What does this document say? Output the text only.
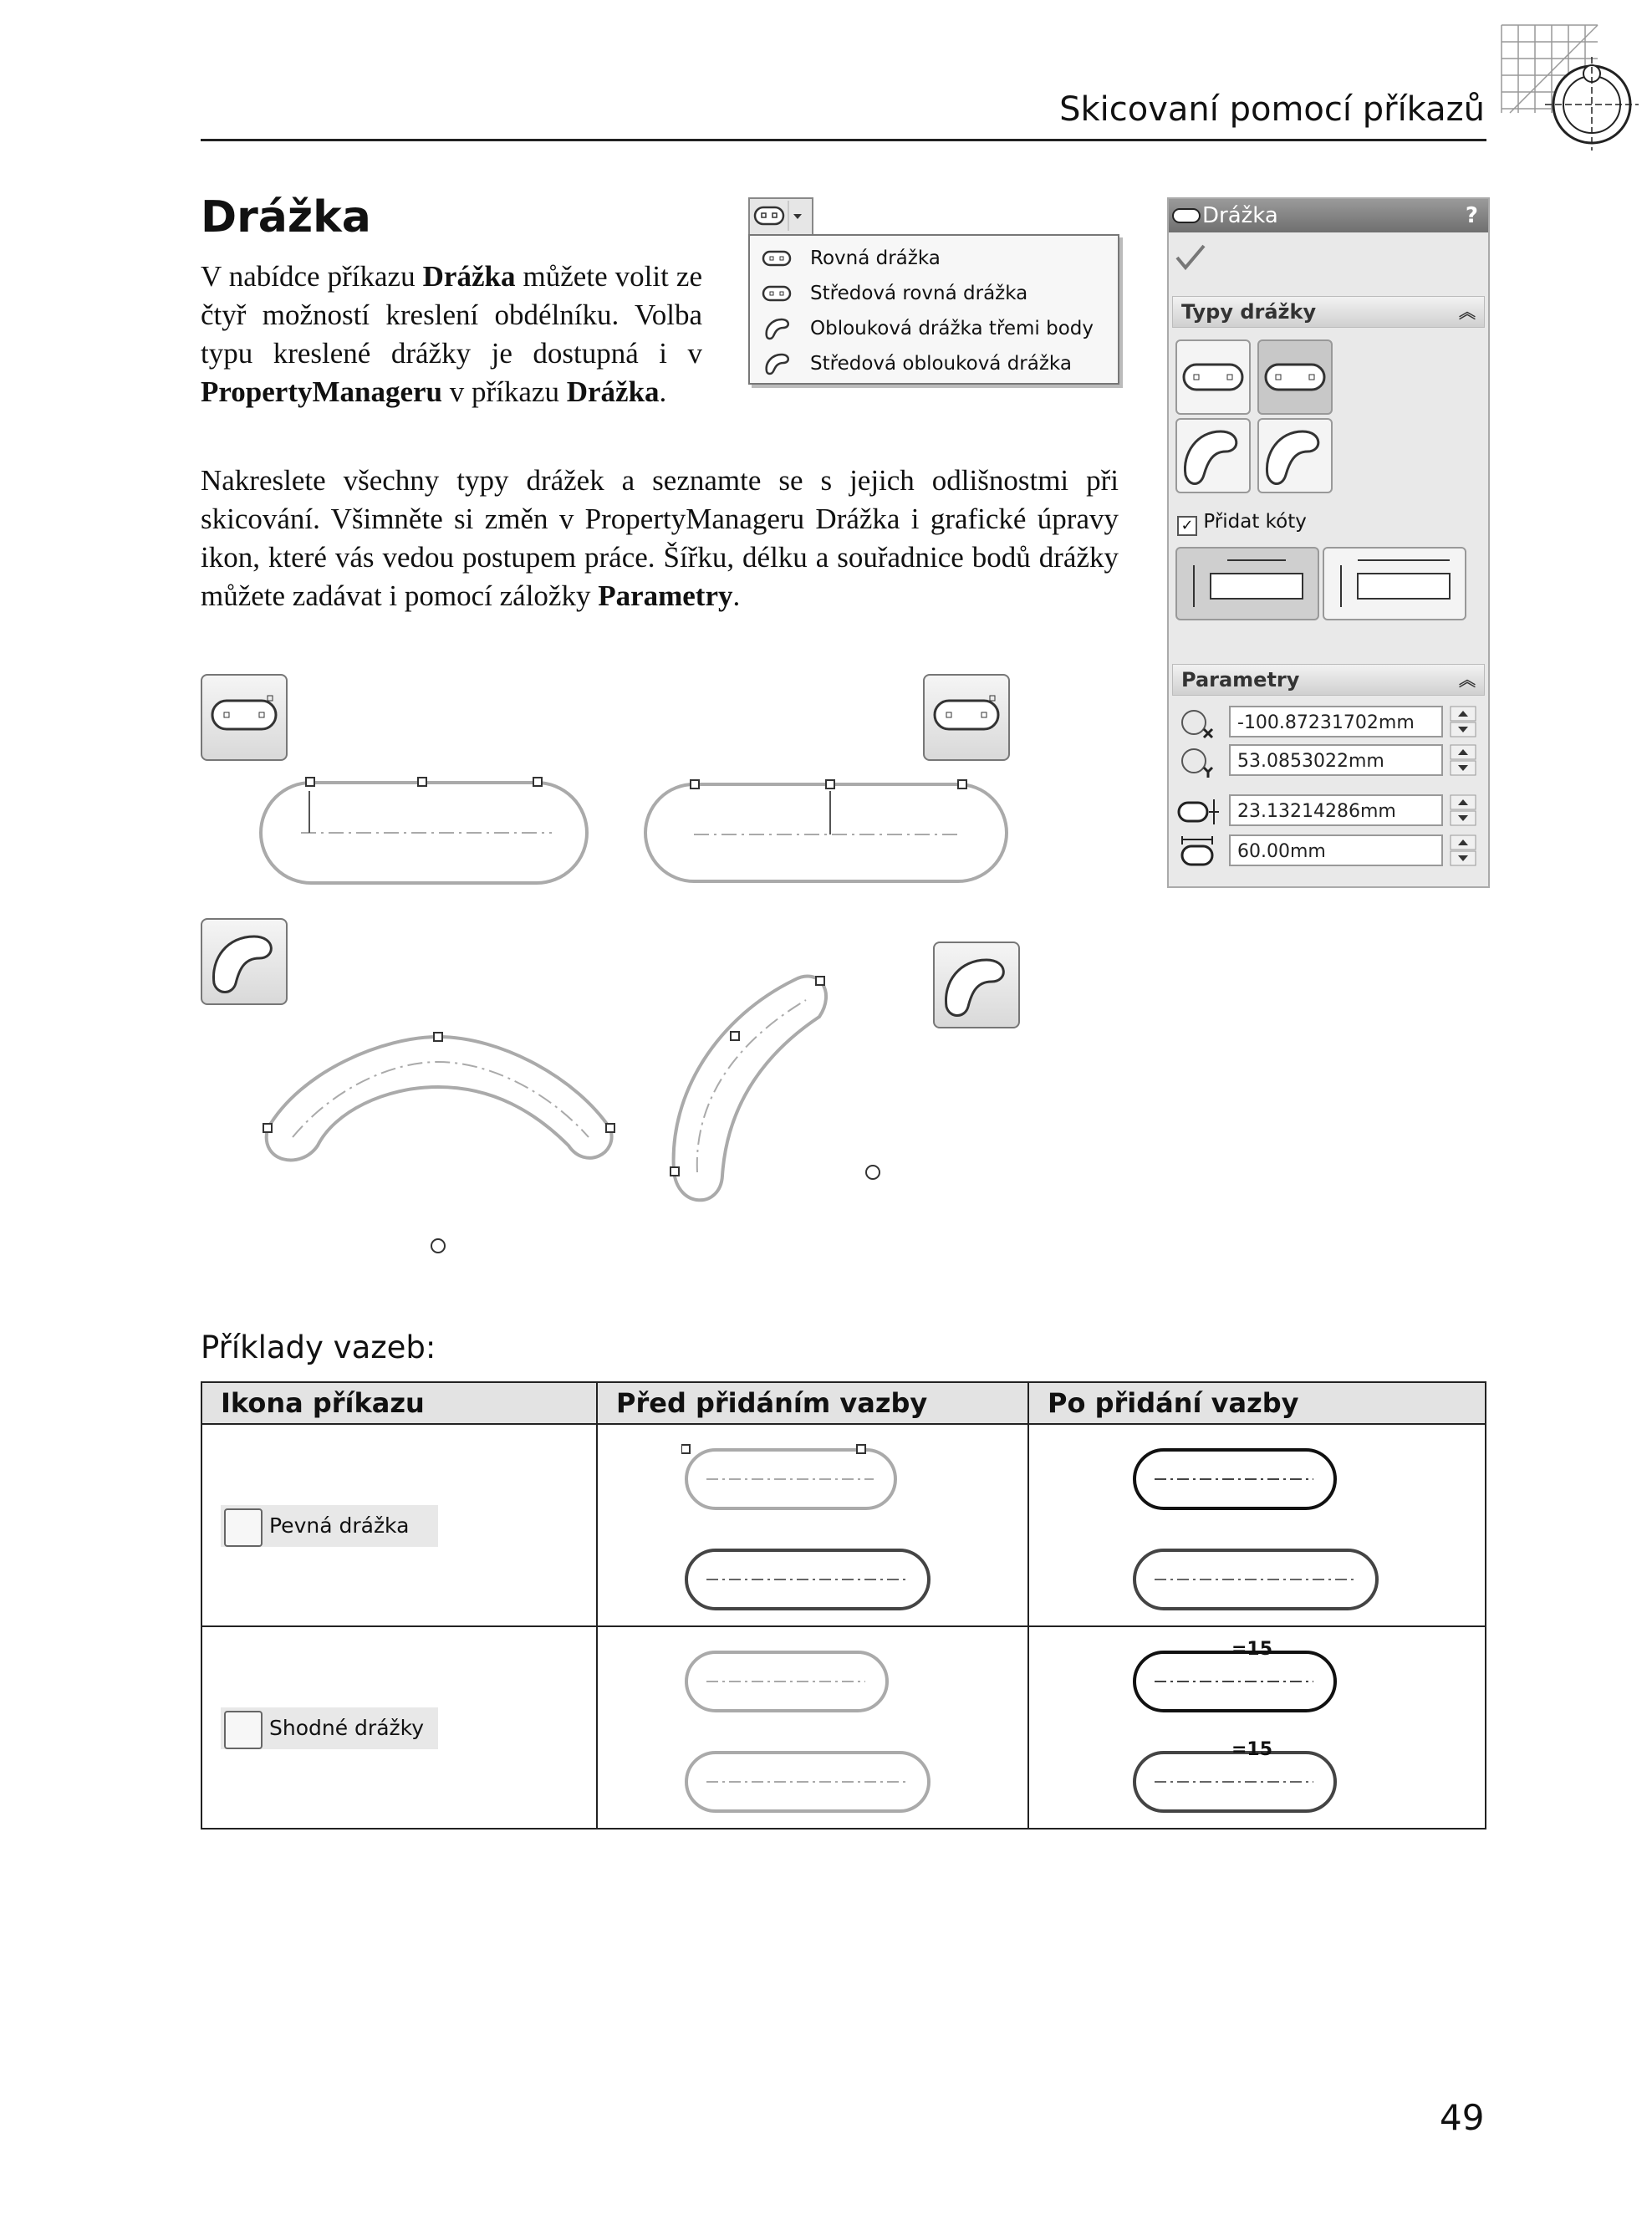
Skicovaní pomocí příkazů
Drážka
V nabídce příkazu Drážka můžete volit ze čtyř možností kreslení obdélníku. Volba typu kreslené drážky je dostupná i v PropertyManageru v příkazu Drážka.
Nakreslete všechny typy drážek a seznamte se s jejich odlišnostmi při skicování. Všimněte si změn v PropertyManageru Drážka i grafické úpravy ikon, které vás vedou postupem práce. Šířku, délku a souřadnice bodů drážky můžete zadávat i pomocí záložky Parametry.
Rovná drážka
Středová rovná drážka
Oblouková drážka třemi body
Středová oblouková drážka
Drážka	?
Typy drážky	︽
✓ Přidat kóty
Parametry	︽
-100.87231702mm
53.0853022mm
23.13214286mm
60.00mm
Příklady vazeb:
Ikona příkazu	Před přidáním vazby	Po přidání vazby

Pevná drážka

Shodné drážky		=15
=15
49
